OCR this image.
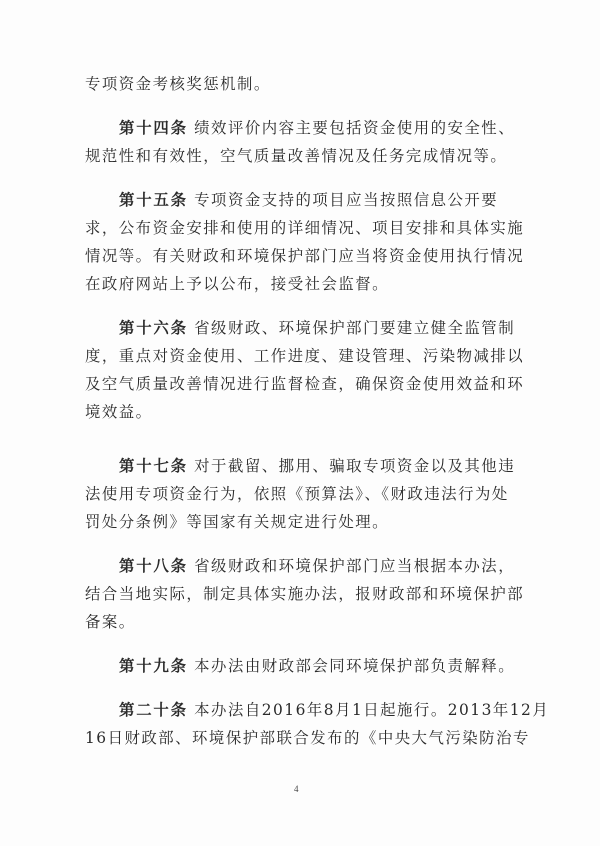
专项资金考核奖惩机制。
第十四条 绩效评价内容主要包括资金使用的安全性、
规范性和有效性，空气质量改善情况及任务完成情况等。
第十五条 专项资金支持的项目应当按照信息公开要
求，公布资金安排和使用的详细情况、项目安排和具体实施
情况等。有关财政和环境保护部门应当将资金使用执行情况
在政府网站上予以公布，接受社会监督。
第十六条 省级财政、环境保护部门要建立健全监管制
度，重点对资金使用、工作进度、建设管理、污染物减排以
及空气质量改善情况进行监督检查，确保资金使用效益和环
境效益。
第十七条 对于截留、挪用、骗取专项资金以及其他违
法使用专项资金行为，依照《预算法》、《财政违法行为处
罚处分条例》等国家有关规定进行处理。
第十八条 省级财政和环境保护部门应当根据本办法，
结合当地实际，制定具体实施办法，报财政部和环境保护部
备案。
第十九条 本办法由财政部会同环境保护部负责解释。
第二十条 本办法自2016年8月1日起施行。2013年12月
16日财政部、环境保护部联合发布的《中央大气污染防治专
4
